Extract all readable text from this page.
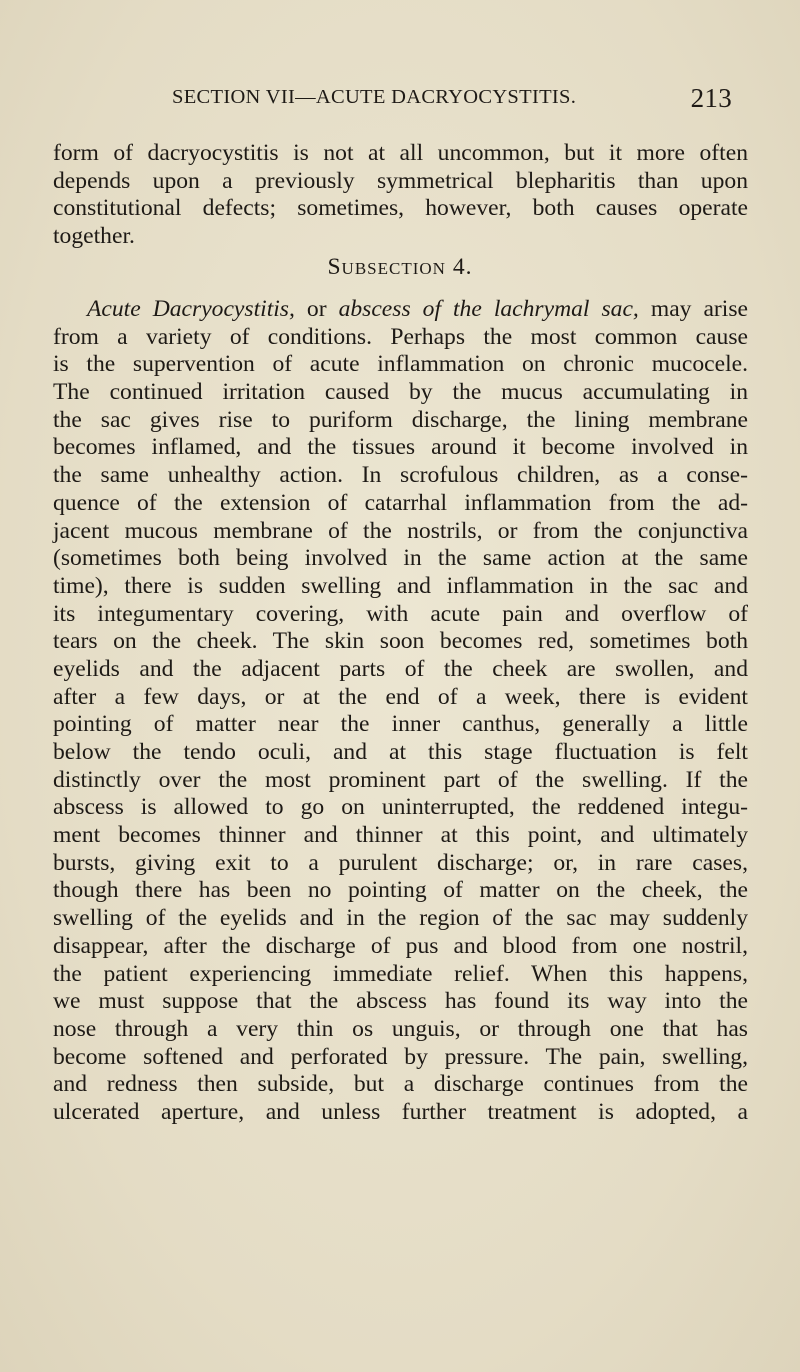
SECTION VII—ACUTE DACRYOCYSTITIS.	213
form of dacryocystitis is not at all uncommon, but it more often
depends upon a previously symmetrical blepharitis than upon
constitutional defects; sometimes, however, both causes operate
together.
Subsection 4.
Acute Dacryocystitis, or abscess of the lachrymal sac, may arise
from a variety of conditions. Perhaps the most common cause
is the supervention of acute inflammation on chronic mucocele.
The continued irritation caused by the mucus accumulating in
the sac gives rise to puriform discharge, the lining membrane
becomes inflamed, and the tissues around it become involved in
the same unhealthy action. In scrofulous children, as a conse-
quence of the extension of catarrhal inflammation from the ad-
jacent mucous membrane of the nostrils, or from the conjunctiva
(sometimes both being involved in the same action at the same
time), there is sudden swelling and inflammation in the sac and
its integumentary covering, with acute pain and overflow of
tears on the cheek. The skin soon becomes red, sometimes both
eyelids and the adjacent parts of the cheek are swollen, and
after a few days, or at the end of a week, there is evident
pointing of matter near the inner canthus, generally a little
below the tendo oculi, and at this stage fluctuation is felt
distinctly over the most prominent part of the swelling. If the
abscess is allowed to go on uninterrupted, the reddened integu-
ment becomes thinner and thinner at this point, and ultimately
bursts, giving exit to a purulent discharge; or, in rare cases,
though there has been no pointing of matter on the cheek, the
swelling of the eyelids and in the region of the sac may suddenly
disappear, after the discharge of pus and blood from one nostril,
the patient experiencing immediate relief. When this happens,
we must suppose that the abscess has found its way into the
nose through a very thin os unguis, or through one that has
become softened and perforated by pressure. The pain, swelling,
and redness then subside, but a discharge continues from the
ulcerated aperture, and unless further treatment is adopted, a
